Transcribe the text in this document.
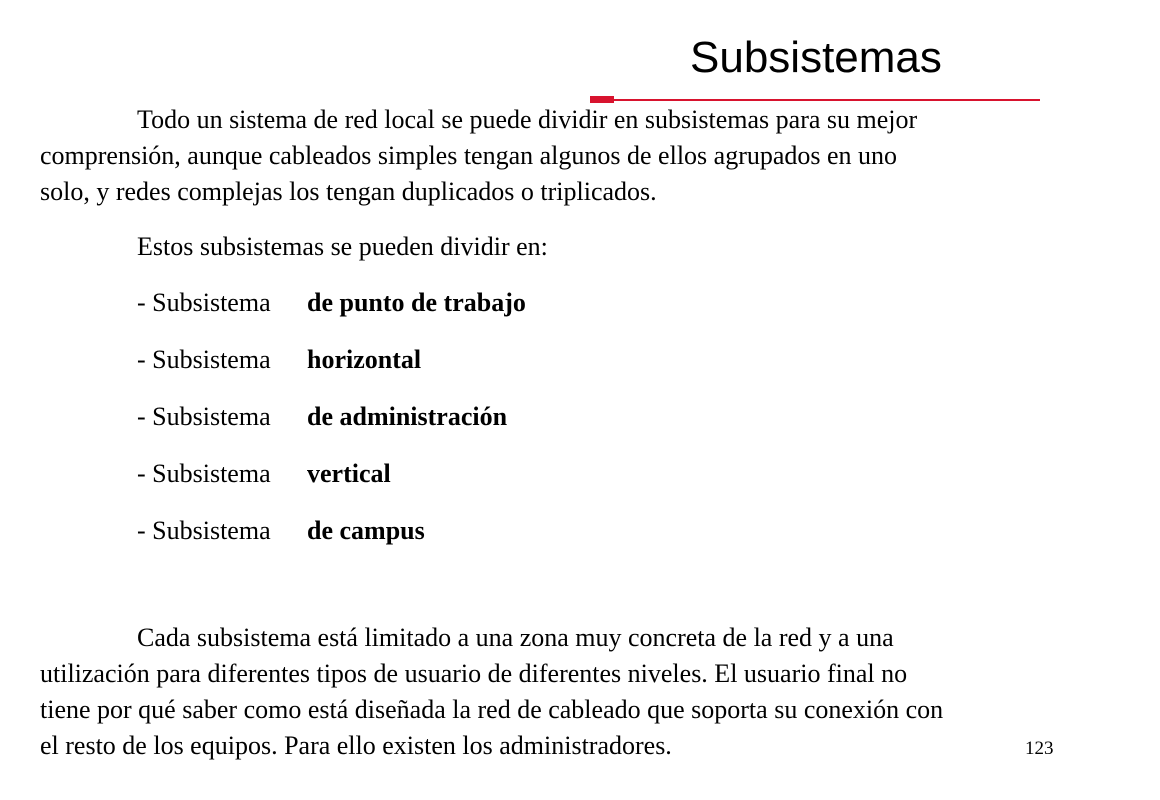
Subsistemas

Todo un sistema de red local se puede dividir en subsistemas para su mejor
comprensión, aunque cableados simples tengan algunos de ellos agrupados en uno
solo, y redes complejas los tengan duplicados o triplicados.

Estos subsistemas se pueden dividir en:

- Subsistema de punto de trabajo
- Subsistema horizontal
- Subsistema de administración
- Subsistema vertical
- Subsistema de campus

Cada subsistema está limitado a una zona muy concreta de la red y a una
utilización para diferentes tipos de usuario de diferentes niveles. El usuario final no
tiene por qué saber como está diseñada la red de cableado que soporta su conexión con
el resto de los equipos. Para ello existen los administradores.	123
